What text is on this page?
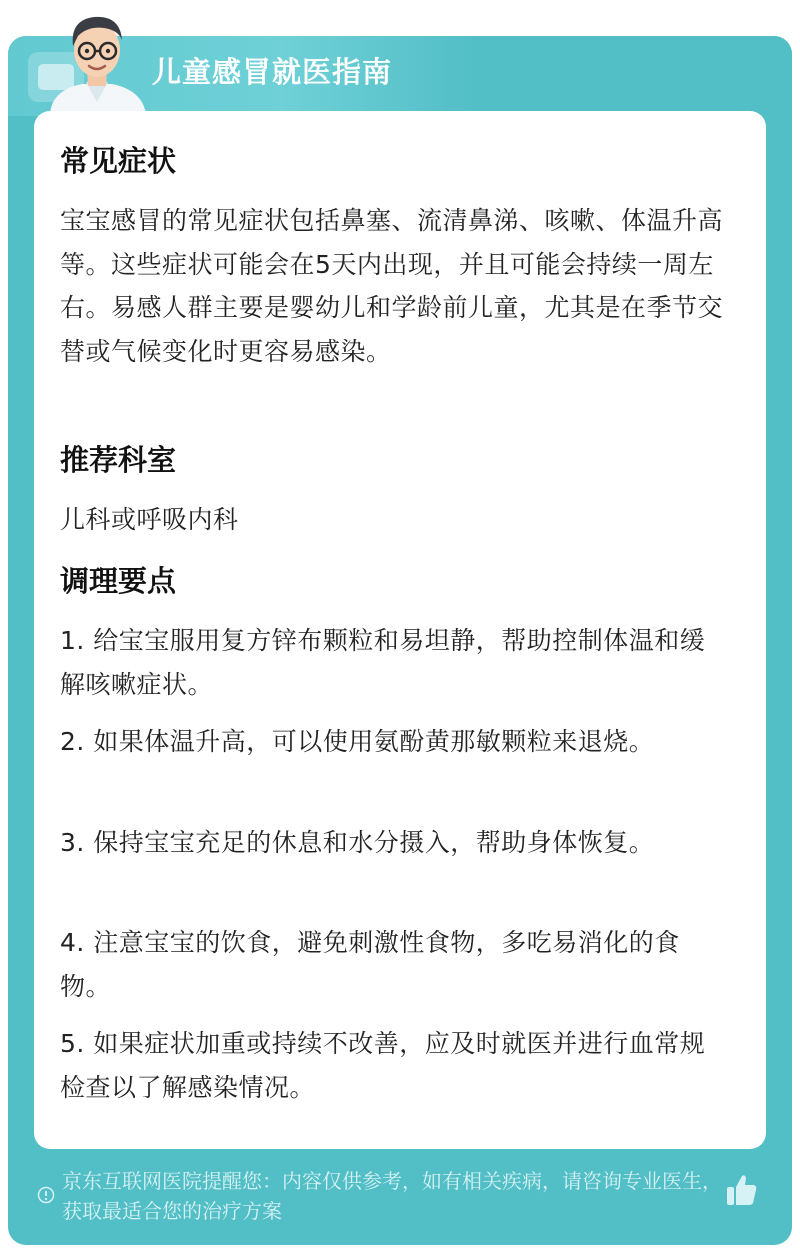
儿童感冒就医指南
常见症状
宝宝感冒的常见症状包括鼻塞、流清鼻涕、咳嗽、体温升高等。这些症状可能会在5天内出现，并且可能会持续一周左右。易感人群主要是婴幼儿和学龄前儿童，尤其是在季节交替或气候变化时更容易感染。
推荐科室
儿科或呼吸内科
调理要点
1. 给宝宝服用复方锌布颗粒和易坦静，帮助控制体温和缓解咳嗽症状。
2. 如果体温升高，可以使用氨酚黄那敏颗粒来退烧。
3. 保持宝宝充足的休息和水分摄入，帮助身体恢复。
4. 注意宝宝的饮食，避免刺激性食物，多吃易消化的食物。
5. 如果症状加重或持续不改善，应及时就医并进行血常规检查以了解感染情况。
京东互联网医院提醒您：内容仅供参考，如有相关疾病，请咨询专业医生，获取最适合您的治疗方案
